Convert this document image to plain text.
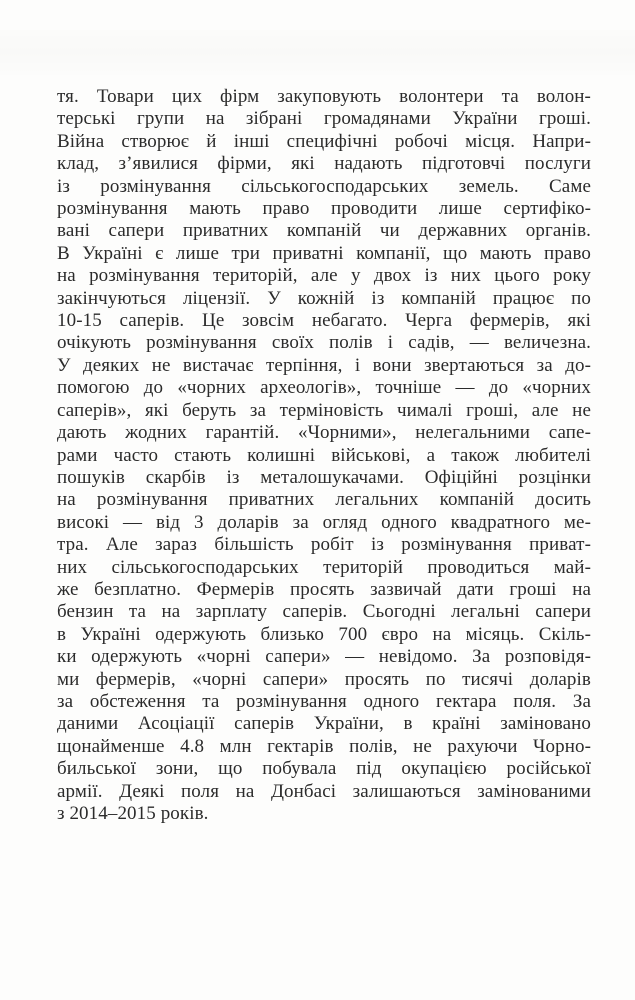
тя. Товари цих фірм закуповують волонтери та волон-
терські групи на зібрані громадянами України гроші.
Війна створює й інші специфічні робочі місця. Напри-
клад, з’явилися фірми, які надають підготовчі послуги
із розмінування сільськогосподарських земель. Саме
розмінування мають право проводити лише сертифіко-
вані сапери приватних компаній чи державних органів.
В Україні є лише три приватні компанії, що мають право
на розмінування територій, але у двох із них цього року
закінчуються ліцензії. У кожній із компаній працює по
10-15 саперів. Це зовсім небагато. Черга фермерів, які
очікують розмінування своїх полів і садів, — величезна.
У деяких не вистачає терпіння, і вони звертаються за до-
помогою до «чорних археологів», точніше — до «чорних
саперів», які беруть за терміновість чималі гроші, але не
дають жодних гарантій. «Чорними», нелегальними сапе-
рами часто стають колишні військові, а також любителі
пошуків скарбів із металошукачами. Офіційні розцінки
на розмінування приватних легальних компаній досить
високі — від 3 доларів за огляд одного квадратного ме-
тра. Але зараз більшість робіт із розмінування приват-
них сільськогосподарських територій проводиться май-
же безплатно. Фермерів просять зазвичай дати гроші на
бензин та на зарплату саперів. Сьогодні легальні сапери
в Україні одержують близько 700 євро на місяць. Скіль-
ки одержують «чорні сапери» — невідомо. За розповідя-
ми фермерів, «чорні сапери» просять по тисячі доларів
за обстеження та розмінування одного гектара поля. За
даними Асоціації саперів України, в країні заміновано
щонайменше 4.8 млн гектарів полів, не рахуючи Чорно-
бильської зони, що побувала під окупацією російської
армії. Деякі поля на Донбасі залишаються замінованими
з 2014–2015 років.
